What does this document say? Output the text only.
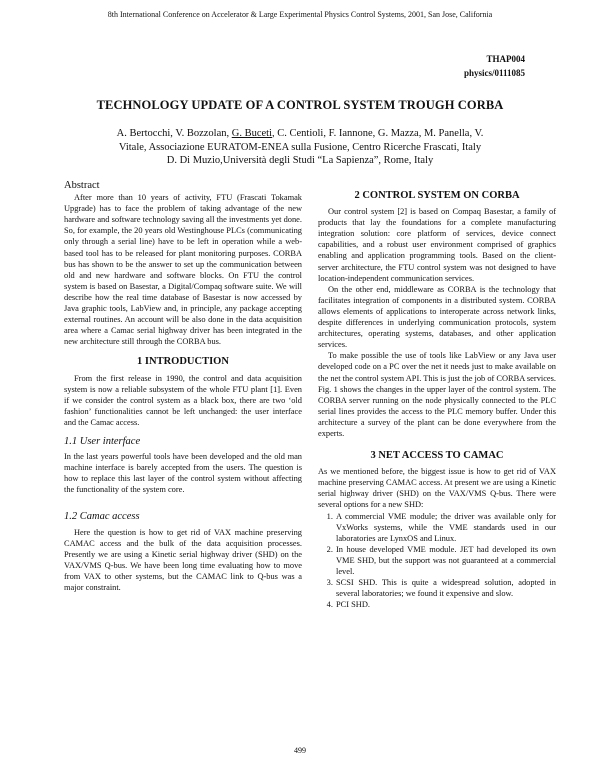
8th International Conference on Accelerator & Large Experimental Physics Control Systems, 2001, San Jose, California
THAP004
physics/0111085
TECHNOLOGY UPDATE OF A CONTROL SYSTEM TROUGH CORBA

A. Bertocchi, V. Bozzolan, G. Buceti, C. Centioli, F. Iannone, G. Mazza, M. Panella, V.

Vitale, Associazione EURATOM-ENEA sulla Fusione, Centro Ricerche Frascati, Italy

D. Di Muzio,Università degli Studi “La Sapienza”, Rome, Italy

Abstract

After more than 10 years of activity, FTU (Frascati Tokamak Upgrade) has to face the problem of taking advantage of the new hardware and software technology saving all the investments yet done. So, for example, the 20 years old Westinghouse PLCs (communicating only through a serial line) have to be left in operation while a web-based tool has to be released for plant monitoring purposes. CORBA bus has shown to be the answer to set up the communication between old and new hardware and software blocks. On FTU the control system is based on Basestar, a Digital/Compaq software suite. We will describe how the real time database of Basestar is now accessed by Java graphic tools, LabView and, in principle, any package accepting external routines. An account will be also done in the data acquisition area where a Camac serial highway driver has been integrated in the new architecture still through the CORBA bus.

1 INTRODUCTION

From the first release in 1990, the control and data acquisition system is now a reliable subsystem of the whole FTU plant [1]. Even if we consider the control system as a black box, there are two ‘old fashion’ functionalities cannot be left unchanged: the user interface and the Camac access.

1.1 User interface

In the last years powerful tools have been developed and the old man machine interface is barely accepted from the users. The question is how to replace this last layer of the control system without affecting the functionality of the system core.

1.2 Camac access

Here the question is how to get rid of VAX machine preserving CAMAC access and the bulk of the data acquisition processes. Presently we are using a Kinetic serial highway driver (SHD) on the VAX/VMS Q-bus. We have been long time evaluating how to move from VAX to other systems, but the CAMAC link to Q-bus was a major constraint.

2 CONTROL SYSTEM ON CORBA

Our control system [2] is based on Compaq Basestar, a family of products that lay the foundations for a complete manufacturing integration solution: core platform of services, device connect capabilities, and a robust user environment comprised of graphics enabling and application programming tools. Based on the client-server architecture, the FTU control system was not designed to have location-independent communication services.

On the other end, middleware as CORBA is the technology that facilitates integration of components in a distributed system. CORBA allows elements of applications to interoperate across network links, despite differences in underlying communication protocols, system architectures, operating systems, databases, and other application services.

To make possible the use of tools like LabView or any Java user developed code on a PC over the net it needs just to make available on the net the control system API. This is just the job of CORBA services. Fig. 1 shows the changes in the upper layer of the control system. The CORBA server running on the node physically connected to the PLC serial lines provides the access to the PLC memory buffer. Under this architecture a survey of the plant can be done everywhere from the experts.

3 NET ACCESS TO CAMAC

As we mentioned before, the biggest issue is how to get rid of VAX machine preserving CAMAC access. At present we are using a Kinetic serial highway driver (SHD) on the VAX/VMS Q-bus. There were several options for a new SHD:

1. A commercial VME module; the driver was available only for VxWorks systems, while the VME standards used in our laboratories are LynxOS and Linux.
2. In house developed VME module. JET had developed its own VME SHD, but the support was not guaranteed at a commercial level.
3. SCSI SHD. This is quite a widespread solution, adopted in several laboratories; we found it expensive and slow.
4. PCI SHD.
499
